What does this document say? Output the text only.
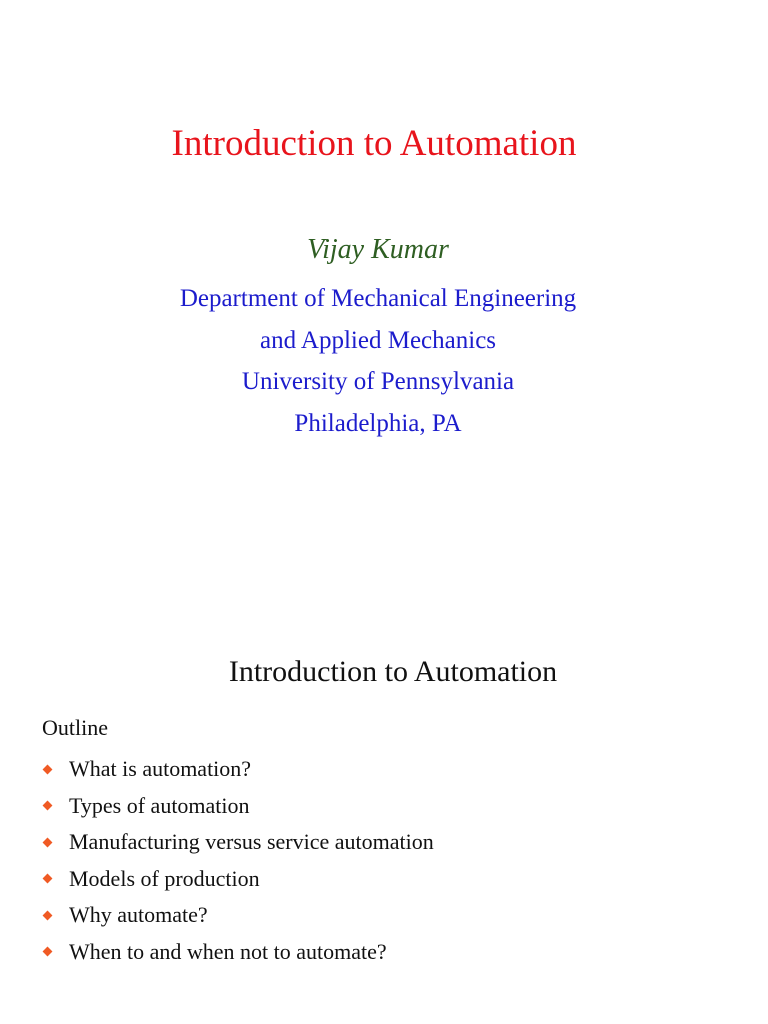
Introduction to Automation

Vijay Kumar

Department of Mechanical Engineering

and Applied Mechanics

University of Pennsylvania

Philadelphia, PA

Introduction to Automation

Outline

What is automation?
Types of automation
Manufacturing versus service automation
Models of production
Why automate?
When to and when not to automate?
